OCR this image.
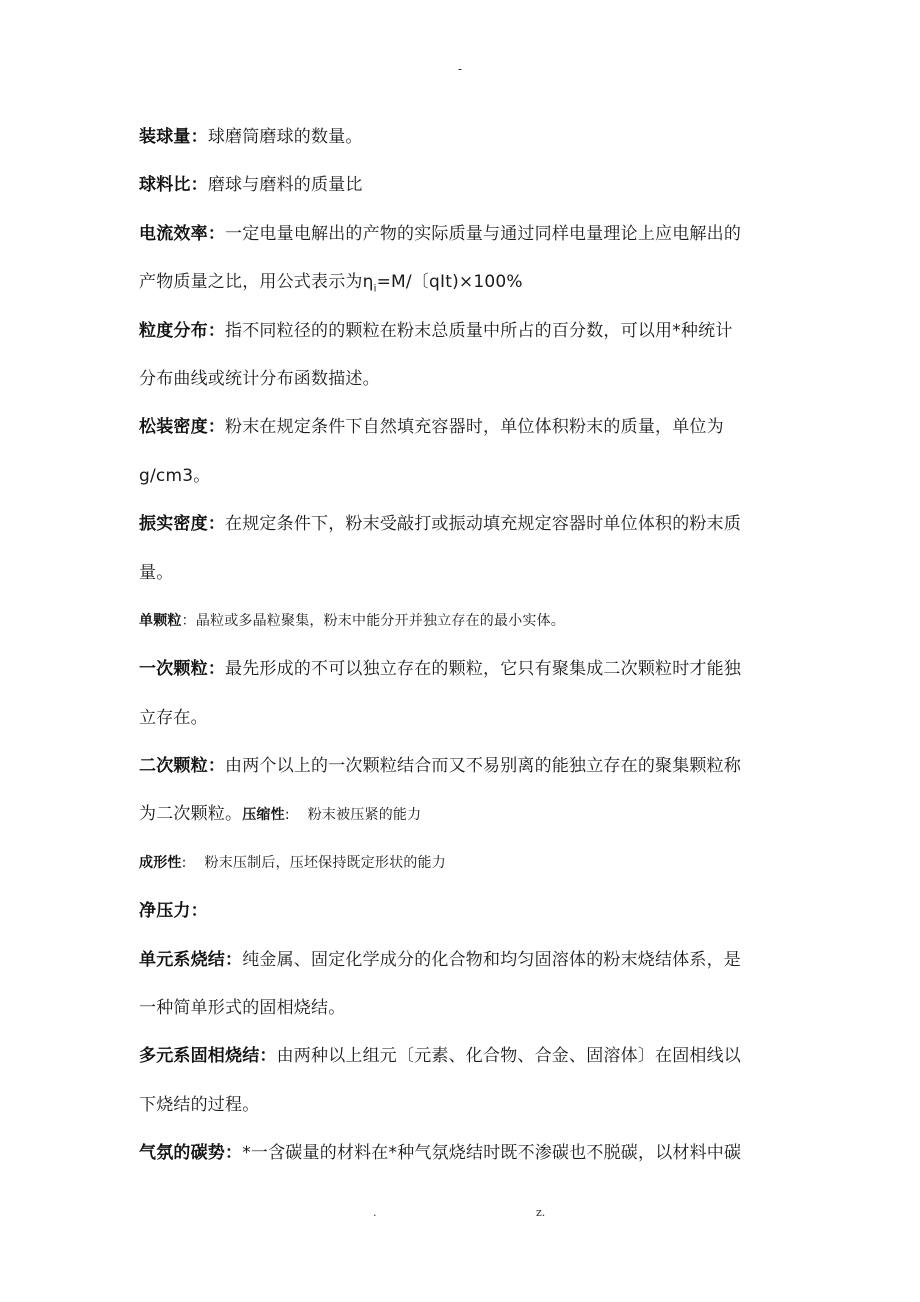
-
装球量：球磨筒磨球的数量。
球料比：磨球与磨料的质量比
电流效率：一定电量电解出的产物的实际质量与通过同样电量理论上应电解出的
产物质量之比，用公式表示为$\eta_i=M/$〔qIt)×100%
粒度分布：指不同粒径的的颗粒在粉末总质量中所占的百分数，可以用*种统计
分布曲线或统计分布函数描述。
松装密度：粉末在规定条件下自然填充容器时，单位体积粉末的质量，单位为
g/cm3。
振实密度：在规定条件下，粉末受敲打或振动填充规定容器时单位体积的粉末质
量。
单颗粒：晶粒或多晶粒聚集，粉末中能分开并独立存在的最小实体。
一次颗粒：最先形成的不可以独立存在的颗粒，它只有聚集成二次颗粒时才能独
立存在。
二次颗粒：由两个以上的一次颗粒结合而又不易别离的能独立存在的聚集颗粒称
为二次颗粒。压缩性: 粉末被压紧的能力
成形性: 粉末压制后，压坯保持既定形状的能力
净压力：
单元系烧结：纯金属、固定化学成分的化合物和均匀固溶体的粉末烧结体系，是
一种简单形式的固相烧结。
多元系固相烧结：由两种以上组元〔元素、化合物、合金、固溶体〕在固相线以
下烧结的过程。
气氛的碳势：*一含碳量的材料在*种气氛烧结时既不渗碳也不脱碳，以材料中碳
.	z.
